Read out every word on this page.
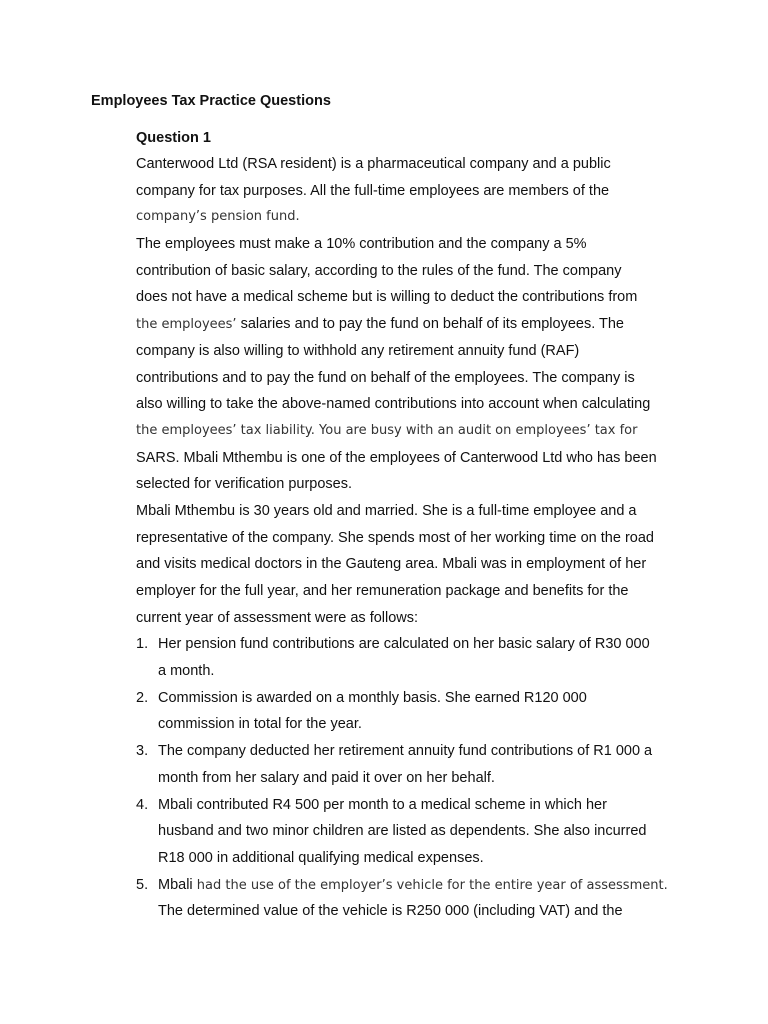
Employees Tax Practice Questions
Question 1
Canterwood Ltd (RSA resident) is a pharmaceutical company and a public
company for tax purposes. All the full-time employees are members of the
company’s pension fund.
The employees must make a 10% contribution and the company a 5%
contribution of basic salary, according to the rules of the fund. The company
does not have a medical scheme but is willing to deduct the contributions from
the employees’ salaries and to pay the fund on behalf of its employees. The
company is also willing to withhold any retirement annuity fund (RAF)
contributions and to pay the fund on behalf of the employees. The company is
also willing to take the above-named contributions into account when calculating
the employees’ tax liability. You are busy with an audit on employees’ tax for
SARS. Mbali Mthembu is one of the employees of Canterwood Ltd who has been
selected for verification purposes.
Mbali Mthembu is 30 years old and married. She is a full-time employee and a
representative of the company. She spends most of her working time on the road
and visits medical doctors in the Gauteng area. Mbali was in employment of her
employer for the full year, and her remuneration package and benefits for the
current year of assessment were as follows:
1. Her pension fund contributions are calculated on her basic salary of R30 000
a month.
2. Commission is awarded on a monthly basis. She earned R120 000
commission in total for the year.
3. The company deducted her retirement annuity fund contributions of R1 000 a
month from her salary and paid it over on her behalf.
4. Mbali contributed R4 500 per month to a medical scheme in which her
husband and two minor children are listed as dependents. She also incurred
R18 000 in additional qualifying medical expenses.
5. Mbali had the use of the employer’s vehicle for the entire year of assessment.
The determined value of the vehicle is R250 000 (including VAT) and the
